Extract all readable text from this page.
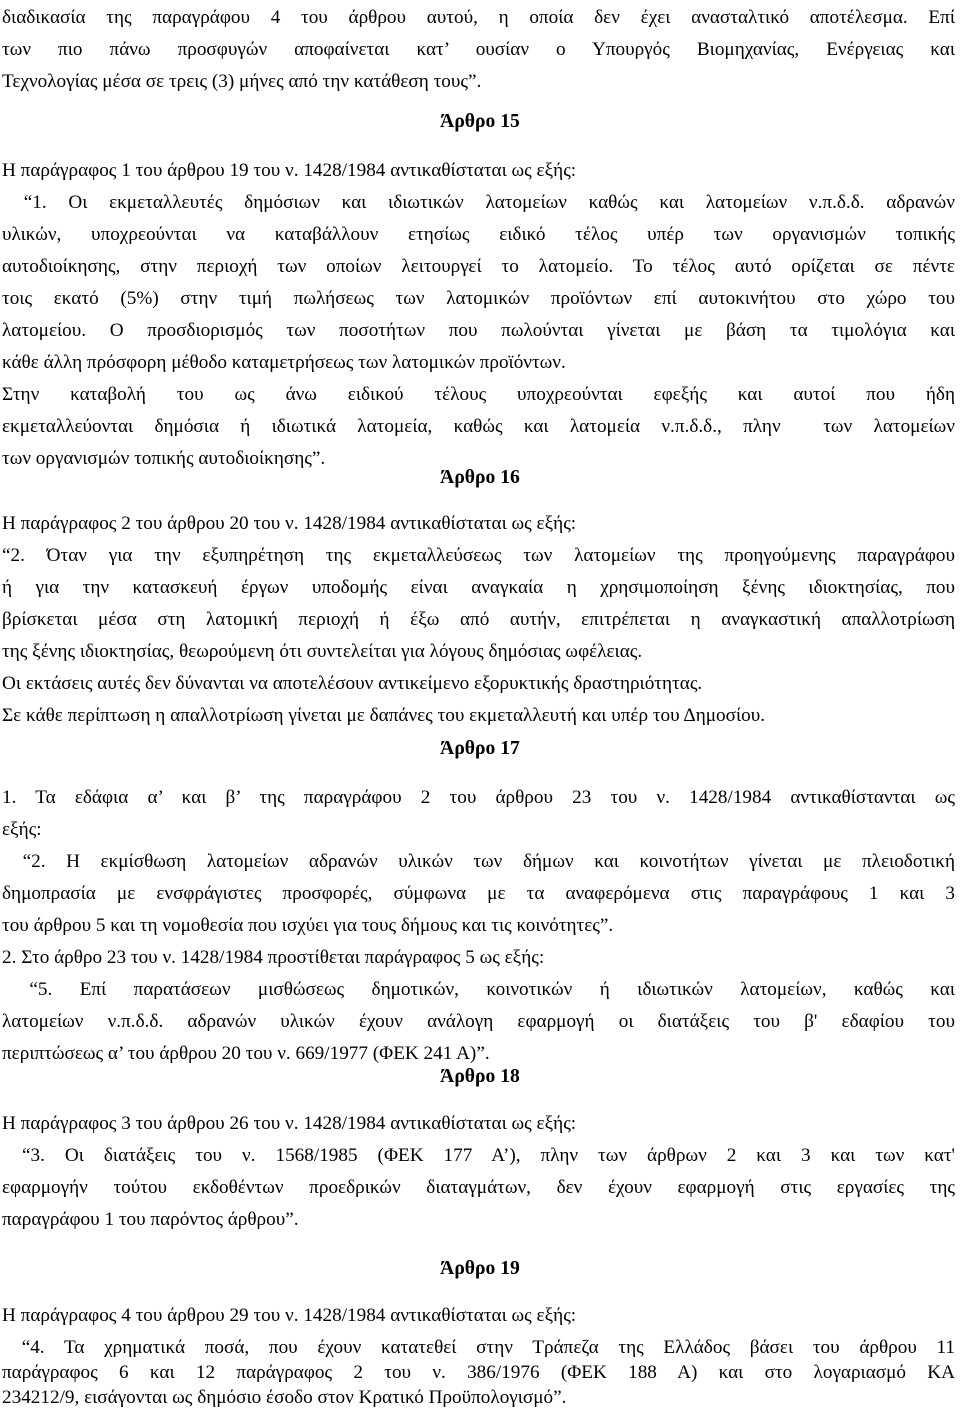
διαδικασία της παραγράφου 4 του άρθρου αυτού, η οποία δεν έχει ανασταλτικό αποτέλεσμα. Επί
των πιο πάνω προσφυγών αποφαίνεται κατ’ ουσίαν ο Υπουργός Βιομηχανίας, Ενέργειας και
Τεχνολογίας μέσα σε τρεις (3) μήνες από την κατάθεση τους”.
Άρθρο 15
Η παράγραφος 1 του άρθρου 19 του ν. 1428/1984 αντικαθίσταται ως εξής:
“1. Οι εκμεταλλευτές δημόσιων και ιδιωτικών λατομείων καθώς και λατομείων ν.π.δ.δ. αδρανών
υλικών, υποχρεούνται να καταβάλλουν ετησίως ειδικό τέλος υπέρ των οργανισμών τοπικής
αυτοδιοίκησης, στην περιοχή των οποίων λειτουργεί το λατομείο. Το τέλος αυτό ορίζεται σε πέντε
τοις εκατό (5%) στην τιμή πωλήσεως των λατομικών προϊόντων επί αυτοκινήτου στο χώρο του
λατομείου. Ο προσδιορισμός των ποσοτήτων που πωλούνται γίνεται με βάση τα τιμολόγια και
κάθε άλλη πρόσφορη μέθοδο καταμετρήσεως των λατομικών προϊόντων.
Στην καταβολή του ως άνω ειδικού τέλους υποχρεούνται εφεξής και αυτοί που ήδη
εκμεταλλεύονται δημόσια ή ιδιωτικά λατομεία, καθώς και λατομεία ν.π.δ.δ., πλην  των λατομείων
των οργανισμών τοπικής αυτοδιοίκησης”.
Άρθρο 16
Η παράγραφος 2 του άρθρου 20 του ν. 1428/1984 αντικαθίσταται ως εξής:
“2. Όταν για την εξυπηρέτηση της εκμεταλλεύσεως των λατομείων της προηγούμενης παραγράφου
ή για την κατασκευή έργων υποδομής είναι αναγκαία η χρησιμοποίηση ξένης ιδιοκτησίας, που
βρίσκεται μέσα στη λατομική περιοχή ή έξω από αυτήν, επιτρέπεται η αναγκαστική απαλλοτρίωση
της ξένης ιδιοκτησίας, θεωρούμενη ότι συντελείται για λόγους δημόσιας ωφέλειας.
Οι εκτάσεις αυτές δεν δύνανται να αποτελέσουν αντικείμενο εξορυκτικής δραστηριότητας.
Σε κάθε περίπτωση η απαλλοτρίωση γίνεται με δαπάνες του εκμεταλλευτή και υπέρ του Δημοσίου.
Άρθρο 17
1. Τα εδάφια α’ και β’ της παραγράφου 2 του άρθρου 23 του ν. 1428/1984 αντικαθίστανται ως
εξής:
“2. Η εκμίσθωση λατομείων αδρανών υλικών των δήμων και κοινοτήτων γίνεται με πλειοδοτική
δημοπρασία με ενσφράγιστες προσφορές, σύμφωνα με τα αναφερόμενα στις παραγράφους 1 και 3
του άρθρου 5 και τη νομοθεσία που ισχύει για τους δήμους και τις κοινότητες”.
2. Στο άρθρο 23 του ν. 1428/1984 προστίθεται παράγραφος 5 ως εξής:
“5. Επί παρατάσεων μισθώσεως δημοτικών, κοινοτικών ή ιδιωτικών λατομείων, καθώς και
λατομείων ν.π.δ.δ. αδρανών υλικών έχουν ανάλογη εφαρμογή οι διατάξεις του β' εδαφίου του
περιπτώσεως α’ του άρθρου 20 του ν. 669/1977 (ΦΕΚ 241 Α)”.
Άρθρο 18
Η παράγραφος 3 του άρθρου 26 του ν. 1428/1984 αντικαθίσταται ως εξής:
“3. Οι διατάξεις του ν. 1568/1985 (ΦΕΚ 177 Α’), πλην των άρθρων 2 και 3 και των κατ'
εφαρμογήν τούτου εκδοθέντων προεδρικών διαταγμάτων, δεν έχουν εφαρμογή στις εργασίες της
παραγράφου 1 του παρόντος άρθρου”.
Άρθρο 19
Η παράγραφος 4 του άρθρου 29 του ν. 1428/1984 αντικαθίσταται ως εξής:
“4. Τα χρηματικά ποσά, που έχουν κατατεθεί στην Τράπεζα της Ελλάδος βάσει του άρθρου 11
παράγραφος 6 και 12 παράγραφος 2 του ν. 386/1976 (ΦΕΚ 188 Α) και στο λογαριασμό ΚΑ
234212/9, εισάγονται ως δημόσιο έσοδο στον Κρατικό Προϋπολογισμό”.
